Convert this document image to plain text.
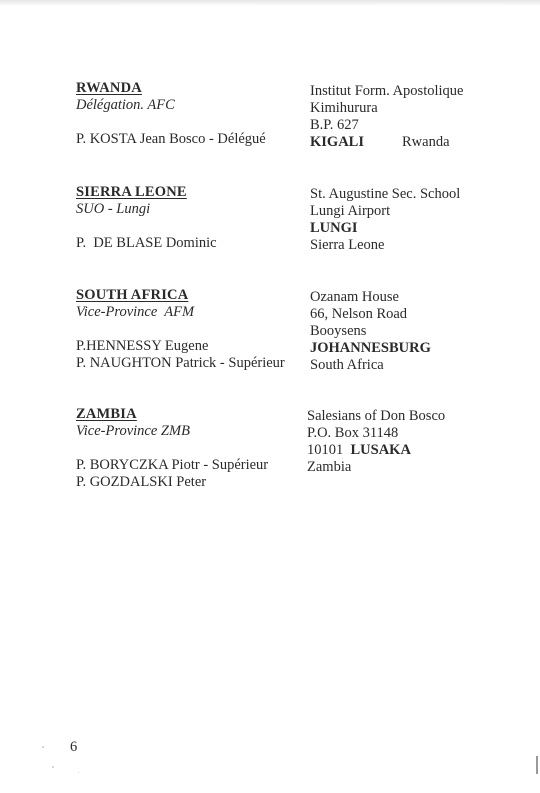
RWANDA
Délégation. AFC
P. KOSTA Jean Bosco - Délégué
Institut Form. Apostolique
Kimihurura
B.P. 627
KIGALI	Rwanda
SIERRA LEONE
SUO - Lungi
P.  DE BLASE Dominic
St. Augustine Sec. School
Lungi Airport
LUNGI
Sierra Leone
SOUTH AFRICA
Vice-Province  AFM
P.HENNESSY Eugene
P. NAUGHTON Patrick - Supérieur
Ozanam House
66, Nelson Road
Booysens
JOHANNESBURG
South Africa
ZAMBIA
Vice-Province ZMB
P. BORYCZKA Piotr - Supérieur
P. GOZDALSKI Peter
Salesians of Don Bosco
P.O. Box 31148
10101 LUSAKA
Zambia
6
